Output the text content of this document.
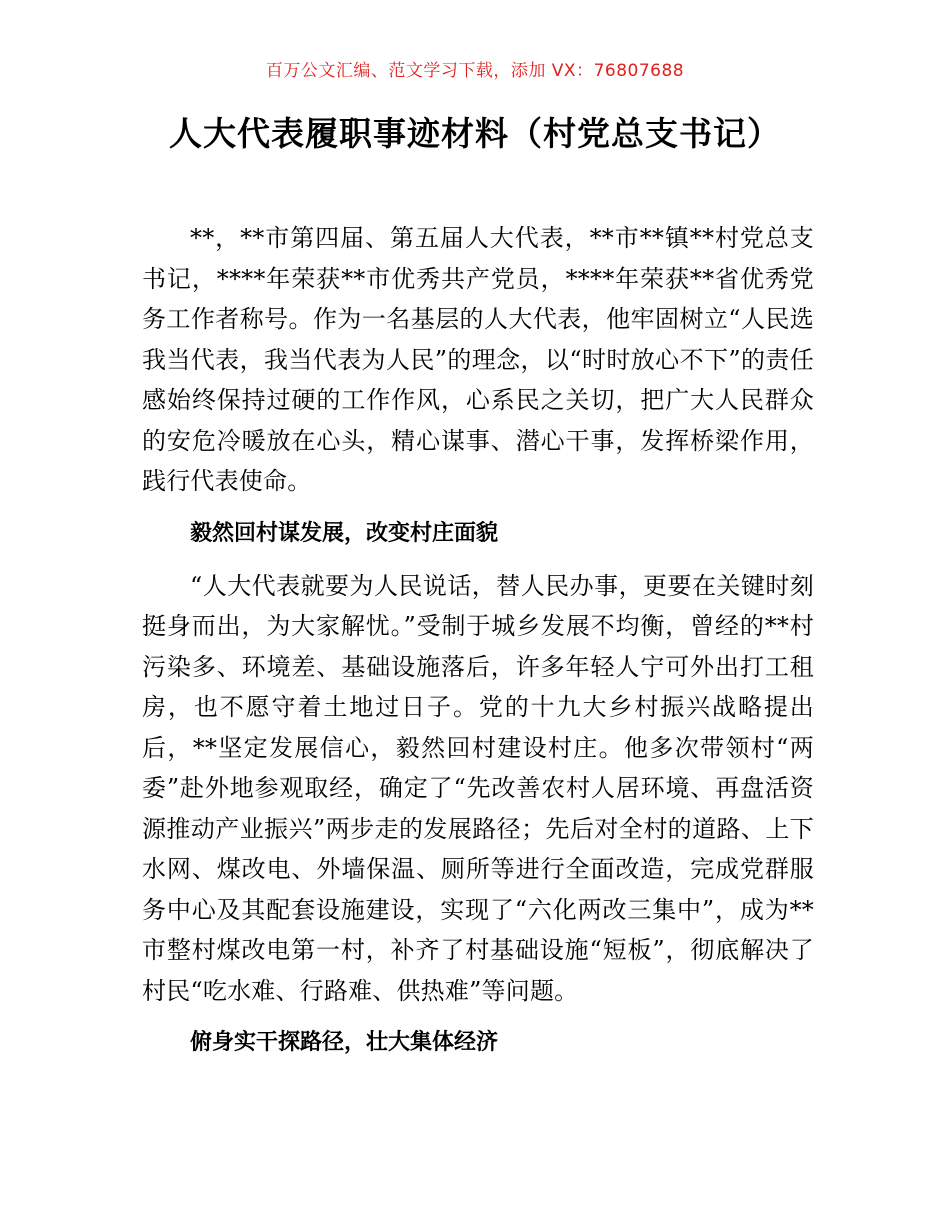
百万公文汇编、范文学习下载，添加 VX：76807688
人大代表履职事迹材料（村党总支书记）

**，**市第四届、第五届人大代表，**市**镇**村党总支书记，****年荣获**市优秀共产党员，****年荣获**省优秀党务工作者称号。作为一名基层的人大代表，他牢固树立“人民选我当代表，我当代表为人民”的理念，以“时时放心不下”的责任感始终保持过硬的工作作风，心系民之关切，把广大人民群众的安危冷暖放在心头，精心谋事、潜心干事，发挥桥梁作用，践行代表使命。

毅然回村谋发展，改变村庄面貌

“人大代表就要为人民说话，替人民办事，更要在关键时刻挺身而出，为大家解忧。”受制于城乡发展不均衡，曾经的**村污染多、环境差、基础设施落后，许多年轻人宁可外出打工租房，也不愿守着土地过日子。党的十九大乡村振兴战略提出后，**坚定发展信心，毅然回村建设村庄。他多次带领村“两委”赴外地参观取经，确定了“先改善农村人居环境、再盘活资源推动产业振兴”两步走的发展路径；先后对全村的道路、上下水网、煤改电、外墙保温、厕所等进行全面改造，完成党群服务中心及其配套设施建设，实现了“六化两改三集中”，成为**市整村煤改电第一村，补齐了村基础设施“短板”，彻底解决了村民“吃水难、行路难、供热难”等问题。

俯身实干探路径，壮大集体经济
